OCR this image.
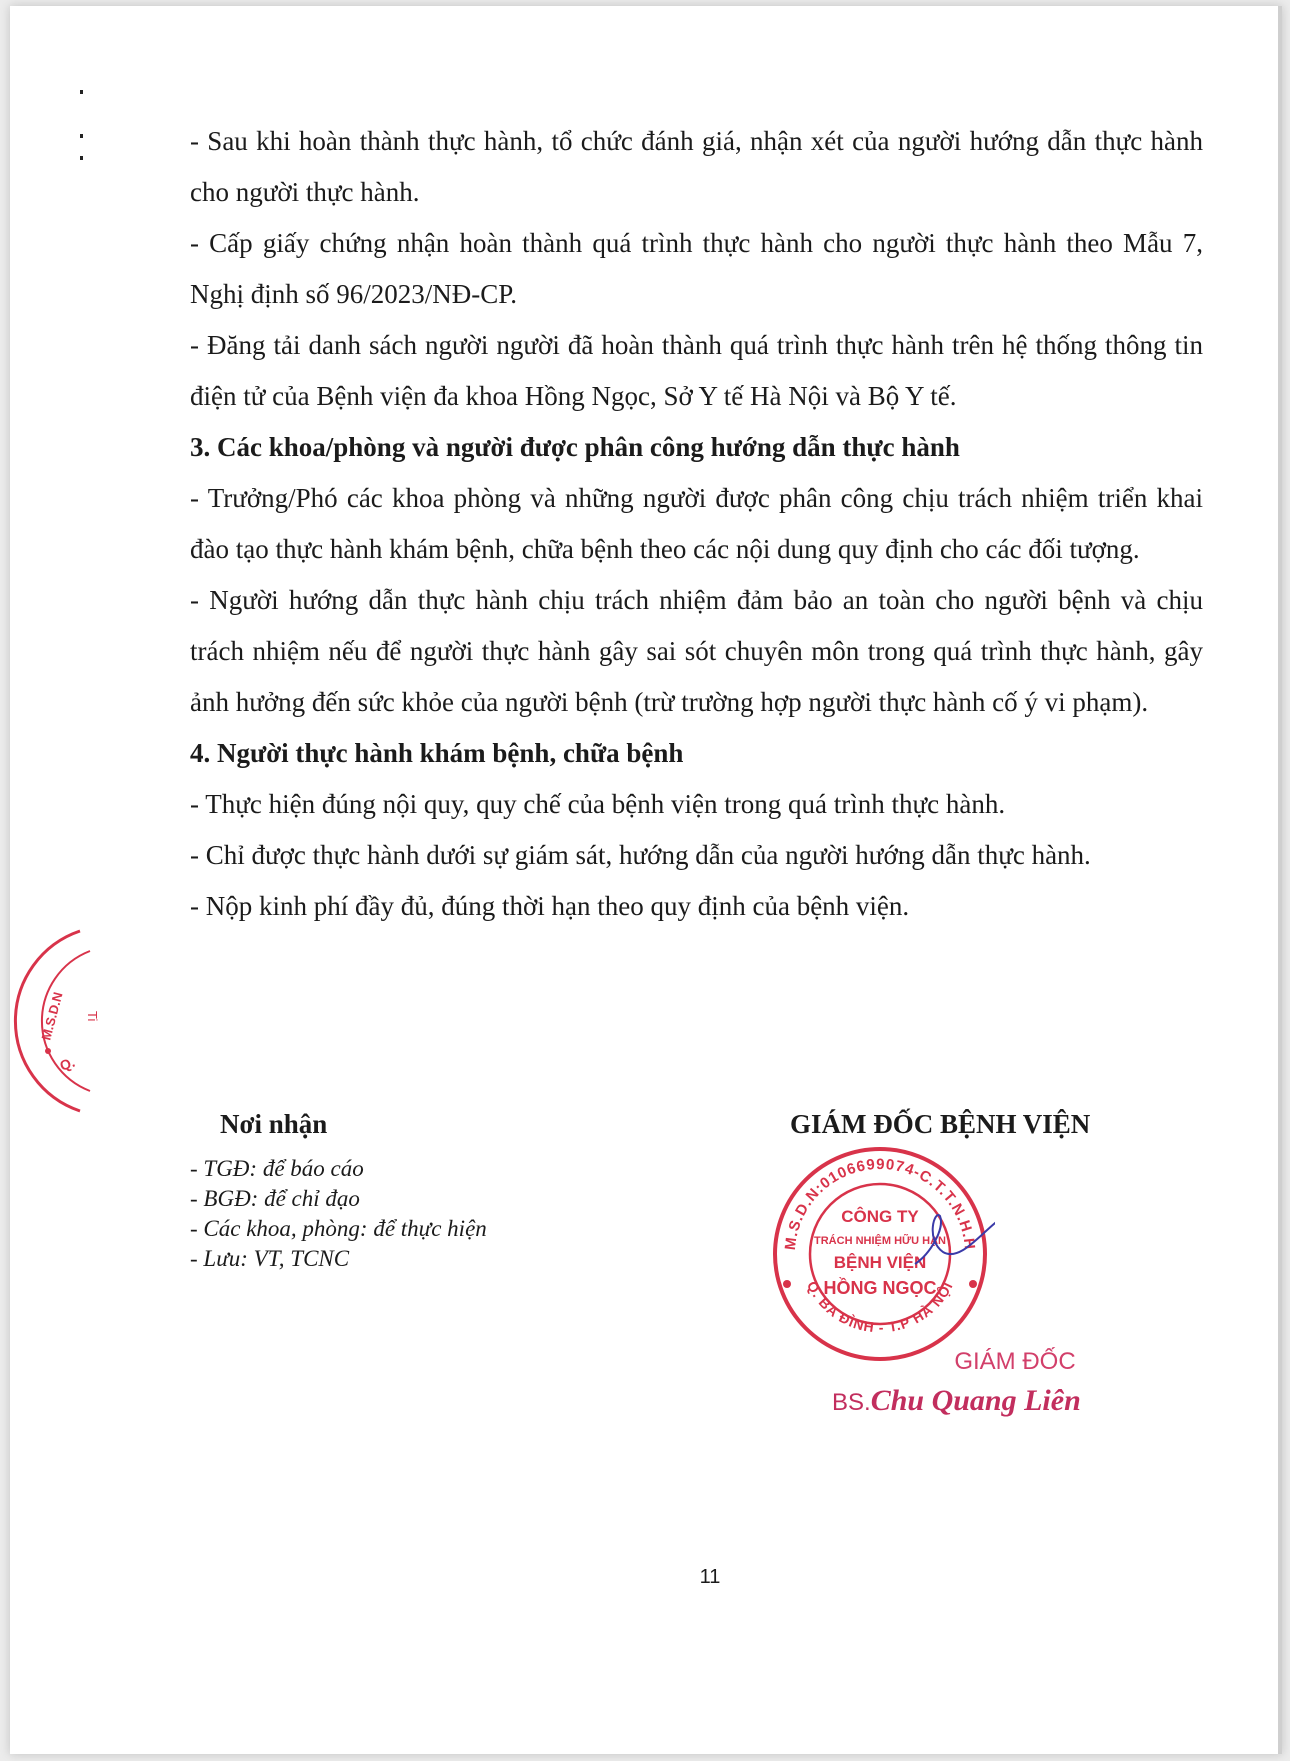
M.S.D.N Ti
Q.

- Sau khi hoàn thành thực hành, tổ chức đánh giá, nhận xét của người hướng dẫn thực hành cho người thực hành.

- Cấp giấy chứng nhận hoàn thành quá trình thực hành cho người thực hành theo Mẫu 7, Nghị định số 96/2023/NĐ-CP.

- Đăng tải danh sách người người đã hoàn thành quá trình thực hành trên hệ thống thông tin điện tử của Bệnh viện đa khoa Hồng Ngọc, Sở Y tế Hà Nội và Bộ Y tế.

3. Các khoa/phòng và người được phân công hướng dẫn thực hành

- Trưởng/Phó các khoa phòng và những người được phân công chịu trách nhiệm triển khai đào tạo thực hành khám bệnh, chữa bệnh theo các nội dung quy định cho các đối tượng.

- Người hướng dẫn thực hành chịu trách nhiệm đảm bảo an toàn cho người bệnh và chịu trách nhiệm nếu để người thực hành gây sai sót chuyên môn trong quá trình thực hành, gây ảnh hưởng đến sức khỏe của người bệnh (trừ trường hợp người thực hành cố ý vi phạm).

4. Người thực hành khám bệnh, chữa bệnh

- Thực hiện đúng nội quy, quy chế của bệnh viện trong quá trình thực hành.

- Chỉ được thực hành dưới sự giám sát, hướng dẫn của người hướng dẫn thực hành.

- Nộp kinh phí đầy đủ, đúng thời hạn theo quy định của bệnh viện.

Nơi nhận

- TGĐ: để báo cáo

- BGĐ: để chỉ đạo

- Các khoa, phòng: để thực hiện

- Lưu: VT, TCNC

GIÁM ĐỐC BỆNH VIỆN
M.S.D.N:0106699074-C.T.T.N.H.H
Q. BA ĐÌNH - T.P HÀ NỘI
CÔNG TY
TRÁCH NHIỆM HỮU HẠN
BỆNH VIỆN
HỒNG NGỌC
GIÁM ĐỐC
BS.Chu Quang Liên
11
